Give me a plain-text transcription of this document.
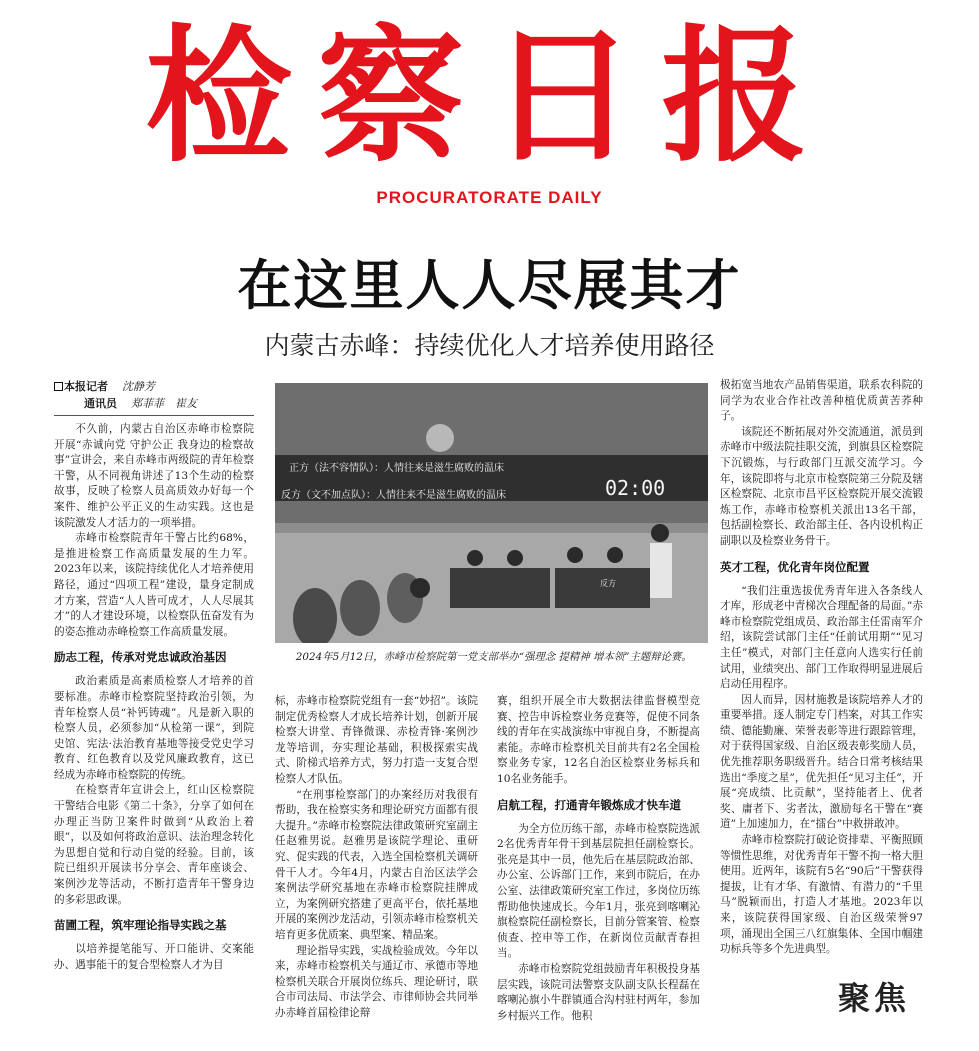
检察日报
PROCURATORATE DAILY
在这里人人尽展其才
内蒙古赤峰：持续优化人才培养使用路径
本报记者 沈静芳
通讯员 郑菲菲　崔友

不久前，内蒙古自治区赤峰市检察院开展“赤诚向党 守护公正 我身边的检察故事”宣讲会，来自赤峰市两级院的青年检察干警，从不同视角讲述了13个生动的检察故事，反映了检察人员高质效办好每一个案件、维护公平正义的生动实践。这也是该院激发人才活力的一项举措。

赤峰市检察院青年干警占比约68%，是推进检察工作高质量发展的生力军。2023年以来，该院持续优化人才培养使用路径，通过“四项工程”建设，量身定制成才方案，营造“人人皆可成才，人人尽展其才”的人才建设环境，以检察队伍奋发有为的姿态推动赤峰检察工作高质量发展。

励志工程，传承对党忠诚政治基因

政治素质是高素质检察人才培养的首要标准。赤峰市检察院坚持政治引领，为青年检察人员“补钙铸魂”。凡是新入职的检察人员，必须参加“从检第一课”，到院史馆、宪法·法治教育基地等接受党史学习教育、红色教育以及党风廉政教育，这已经成为赤峰市检察院的传统。

在检察青年宣讲会上，红山区检察院干警结合电影《第二十条》，分享了如何在办理正当防卫案件时做到“从政治上着眼”，以及如何将政治意识、法治理念转化为思想自觉和行动自觉的经验。目前，该院已组织开展读书分享会、青年座谈会、案例沙龙等活动，不断打造青年干警身边的多彩思政课。

苗圃工程，筑牢理论指导实践之基

以培养提笔能写、开口能讲、交案能办、遇事能干的复合型检察人才为目

正方（法不容情队）：人情往来是滋生腐败的温床
反方（文不加点队）：人情往来不是滋生腐败的温床	02:00
反方
2024年5月12日，赤峰市检察院第一党支部举办“强理念 提精神 增本领”主题辩论赛。

标，赤峰市检察院党组有一套“妙招”。该院制定优秀检察人才成长培养计划，创新开展检察大讲堂、青锋微课、赤检青锋·案例沙龙等培训，夯实理论基础，积极探索实战式、阶梯式培养方式，努力打造一支复合型检察人才队伍。

“在刑事检察部门的办案经历对我很有帮助，我在检察实务和理论研究方面都有很大提升。”赤峰市检察院法律政策研究室副主任赵雅男说。赵雅男是该院学理论、重研究、促实践的代表，入选全国检察机关调研骨干人才。今年4月，内蒙古自治区法学会案例法学研究基地在赤峰市检察院挂牌成立，为案例研究搭建了更高平台，依托基地开展的案例沙龙活动，引领赤峰市检察机关培育更多优质案、典型案、精品案。

理论指导实践，实战检验成效。今年以来，赤峰市检察机关与通辽市、承德市等地检察机关联合开展岗位练兵、理论研讨，联合市司法局、市法学会、市律师协会共同举办赤峰首届检律论辩

赛，组织开展全市大数据法律监督模型竞赛、控告申诉检察业务竞赛等，促使不同条线的青年在实战演练中审视自身，不断提高素能。赤峰市检察机关目前共有2名全国检察业务专家，12名自治区检察业务标兵和10名业务能手。

启航工程，打通青年锻炼成才快车道

为全方位历练干部，赤峰市检察院选派2名优秀青年骨干到基层院担任副检察长。张亮是其中一员，他先后在基层院政治部、办公室、公诉部门工作，来到市院后，在办公室、法律政策研究室工作过，多岗位历练帮助他快速成长。今年1月，张亮到喀喇沁旗检察院任副检察长，目前分管案管、检察侦查、控申等工作，在新岗位贡献青春担当。

赤峰市检察院党组鼓励青年积极投身基层实践，该院司法警察支队副支队长程磊在喀喇沁旗小牛群镇通合沟村驻村两年，参加乡村振兴工作。他积

极拓宽当地农产品销售渠道，联系农科院的同学为农业合作社改善种植优质黄苦荞种子。

该院还不断拓展对外交流通道，派员到赤峰市中级法院挂职交流，到旗县区检察院下沉锻炼，与行政部门互派交流学习。今年，该院即将与北京市检察院第三分院及辖区检察院、北京市昌平区检察院开展交流锻炼工作，赤峰市检察机关派出13名干部，包括副检察长、政治部主任、各内设机构正副职以及检察业务骨干。

英才工程，优化青年岗位配置

“我们注重选拔优秀青年进入各条线人才库，形成老中青梯次合理配备的局面。”赤峰市检察院党组成员、政治部主任雷南军介绍，该院尝试部门主任“任前试用期”“见习主任”模式，对部门主任意向人选实行任前试用，业绩突出、部门工作取得明显进展后启动任用程序。

因人而异，因材施教是该院培养人才的重要举措。逐人制定专门档案，对其工作实绩、德能勤廉、荣誉表彰等进行跟踪管理，对于获得国家级、自治区级表彰奖励人员，优先推荐职务职级晋升。结合日常考核结果选出“季度之星”，优先担任“见习主任”，开展“亮成绩、比贡献”，坚持能者上、优者奖、庸者下、劣者汰，激励每名干警在“赛道”上加速加力，在“擂台”中救拼敢冲。

赤峰市检察院打破论资排辈、平衡照顾等惯性思维，对优秀青年干警不拘一格大胆使用。近两年，该院有5名“90后”干警获得提拔，让有才华、有激情、有潜力的“千里马”脱颖而出，打造人才基地。2023年以来，该院获得国家级、自治区级荣誉97项，涌现出全国三八红旗集体、全国巾帼建功标兵等多个先进典型。

聚焦
